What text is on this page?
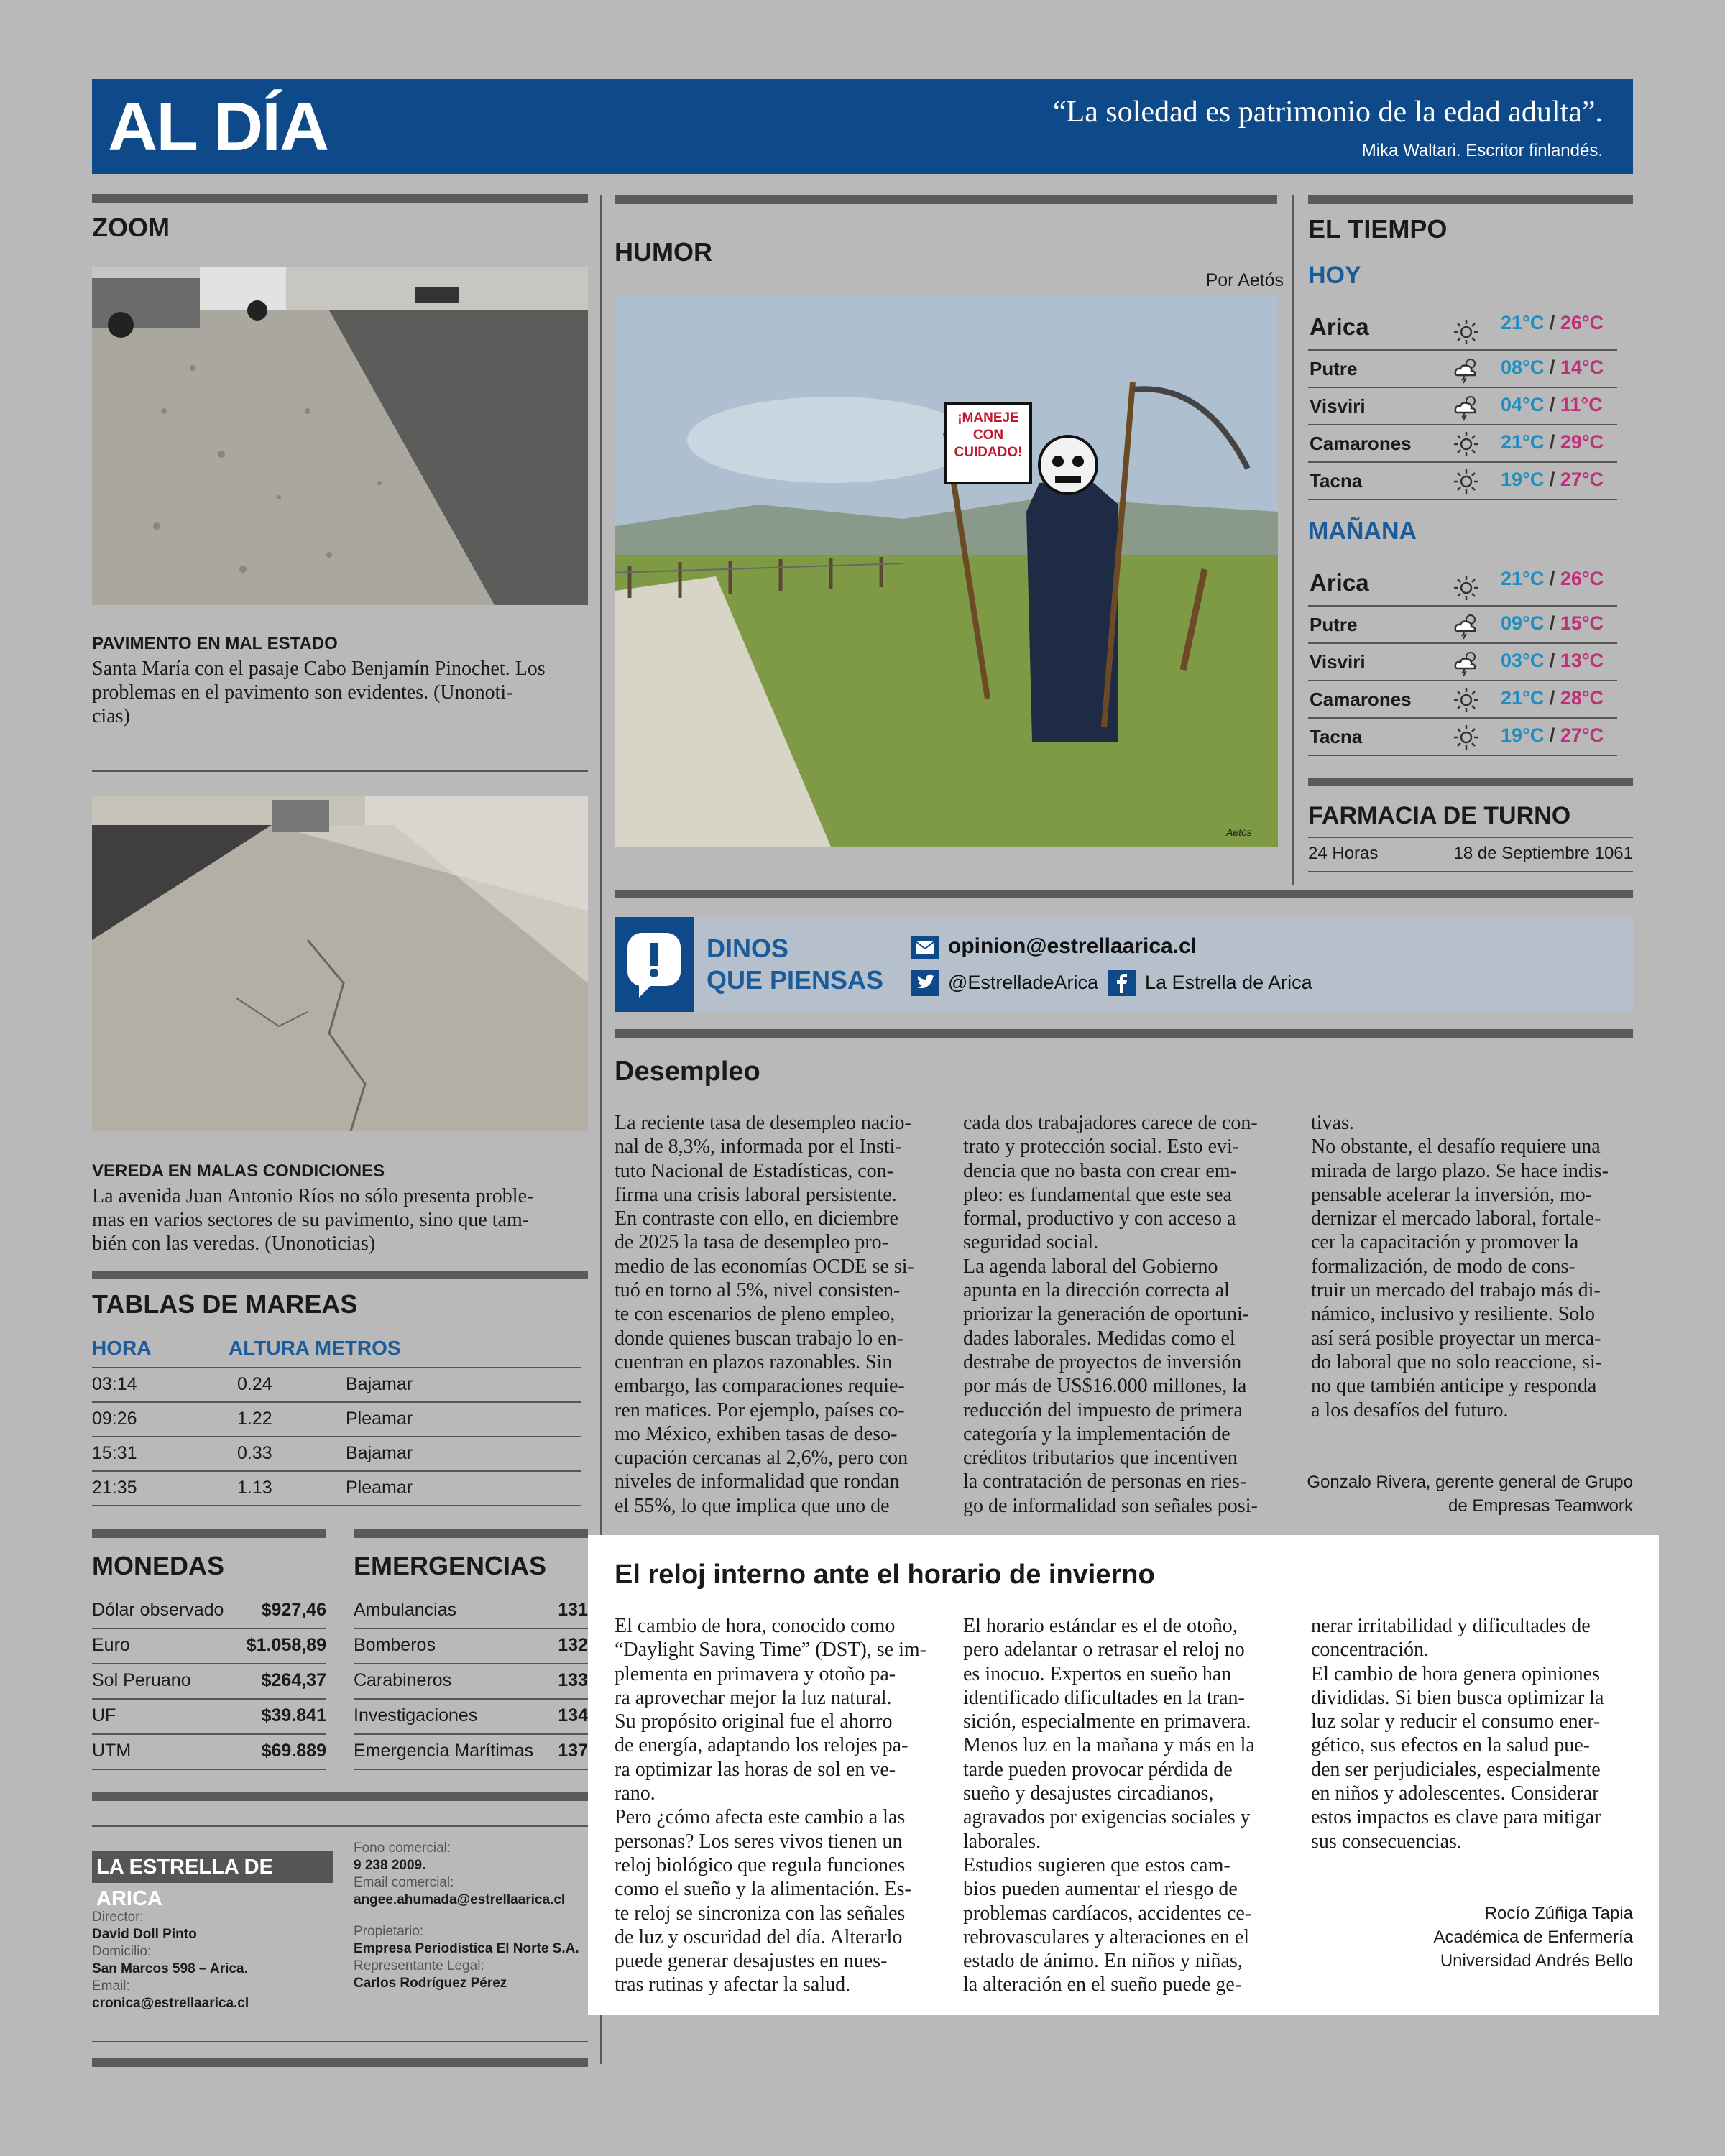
AL DÍA	“La soledad es patrimonio de la edad adulta”.
Mika Waltari. Escritor finlandés.
ZOOM
PAVIMENTO EN MAL ESTADO
Santa María con el pasaje Cabo Benjamín Pinochet. Los
problemas en el pavimento son evidentes. (Unonoti-
cias)
VEREDA EN MALAS CONDICIONES
La avenida Juan Antonio Ríos no sólo presenta proble-
mas en varios sectores de su pavimento, sino que tam-
bién con las veredas. (Unonoticias)
TABLAS DE MAREAS
HORA	ALTURA METROS
03:14	0.24	Bajamar
09:26	1.22	Pleamar
15:31	0.33	Bajamar
21:35	1.13	Pleamar
MONEDAS
Dólar observado $927,46
Euro	$1.058,89
Sol Peruano	$264,37
UF	$39.841
UTM	$69.889
EMERGENCIAS
Ambulancias	131
Bomberos	132
Carabineros	133
Investigaciones	134
Emergencia Marítimas 137
LA ESTRELLA DE ARICA
Director:
David Doll Pinto
Domicilio:
San Marcos 598 – Arica.
Email:
cronica@estrellaarica.cl
Fono comercial:
9 238 2009.
Email comercial:
angee.ahumada@estrellaarica.cl
Propietario:
Empresa Periodística El Norte S.A.
Representante Legal:
Carlos Rodríguez Pérez
HUMOR
Por Aetós
¡MANEJE CON CUIDADO!
Aetós
EL TIEMPO
HOY
Arica	21°C / 26°C
Putre	08°C / 14°C
Visviri	04°C / 11°C
Camarones	21°C / 29°C
Tacna	19°C / 27°C
MAÑANA
Arica	21°C / 26°C
Putre	09°C / 15°C
Visviri	03°C / 13°C
Camarones	21°C / 28°C
Tacna	19°C / 27°C
FARMACIA DE TURNO
24 Horas	18 de Septiembre 1061
DINOS
QUE PIENSAS
opinion@estrellaarica.cl
@EstrelladeArica La Estrella de Arica
Desempleo
La reciente tasa de desempleo nacio-
nal de 8,3%, informada por el Insti-
tuto Nacional de Estadísticas, con-
firma una crisis laboral persistente.
En contraste con ello, en diciembre
de 2025 la tasa de desempleo pro-
medio de las economías OCDE se si-
tuó en torno al 5%, nivel consisten-
te con escenarios de pleno empleo,
donde quienes buscan trabajo lo en-
cuentran en plazos razonables. Sin
embargo, las comparaciones requie-
ren matices. Por ejemplo, países co-
mo México, exhiben tasas de deso-
cupación cercanas al 2,6%, pero con
niveles de informalidad que rondan
el 55%, lo que implica que uno de
cada dos trabajadores carece de con-
trato y protección social. Esto evi-
dencia que no basta con crear em-
pleo: es fundamental que este sea
formal, productivo y con acceso a
seguridad social.
La agenda laboral del Gobierno
apunta en la dirección correcta al
priorizar la generación de oportuni-
dades laborales. Medidas como el
destrabe de proyectos de inversión
por más de US$16.000 millones, la
reducción del impuesto de primera
categoría y la implementación de
créditos tributarios que incentiven
la contratación de personas en ries-
go de informalidad son señales posi-
tivas.
No obstante, el desafío requiere una
mirada de largo plazo. Se hace indis-
pensable acelerar la inversión, mo-
dernizar el mercado laboral, fortale-
cer la capacitación y promover la
formalización, de modo de cons-
truir un mercado del trabajo más di-
námico, inclusivo y resiliente. Solo
así será posible proyectar un merca-
do laboral que no solo reaccione, si-
no que también anticipe y responda
a los desafíos del futuro.
Gonzalo Rivera, gerente general de Grupo
de Empresas Teamwork
El reloj interno ante el horario de invierno
El cambio de hora, conocido como
“Daylight Saving Time” (DST), se im-
plementa en primavera y otoño pa-
ra aprovechar mejor la luz natural.
Su propósito original fue el ahorro
de energía, adaptando los relojes pa-
ra optimizar las horas de sol en ve-
rano.
Pero ¿cómo afecta este cambio a las
personas? Los seres vivos tienen un
reloj biológico que regula funciones
como el sueño y la alimentación. Es-
te reloj se sincroniza con las señales
de luz y oscuridad del día. Alterarlo
puede generar desajustes en nues-
tras rutinas y afectar la salud.
El horario estándar es el de otoño,
pero adelantar o retrasar el reloj no
es inocuo. Expertos en sueño han
identificado dificultades en la tran-
sición, especialmente en primavera.
Menos luz en la mañana y más en la
tarde pueden provocar pérdida de
sueño y desajustes circadianos,
agravados por exigencias sociales y
laborales.
Estudios sugieren que estos cam-
bios pueden aumentar el riesgo de
problemas cardíacos, accidentes ce-
rebrovasculares y alteraciones en el
estado de ánimo. En niños y niñas,
la alteración en el sueño puede ge-
nerar irritabilidad y dificultades de
concentración.
El cambio de hora genera opiniones
divididas. Si bien busca optimizar la
luz solar y reducir el consumo ener-
gético, sus efectos en la salud pue-
den ser perjudiciales, especialmente
en niños y adolescentes. Considerar
estos impactos es clave para mitigar
sus consecuencias.
Rocío Zúñiga Tapia
Académica de Enfermería
Universidad Andrés Bello
